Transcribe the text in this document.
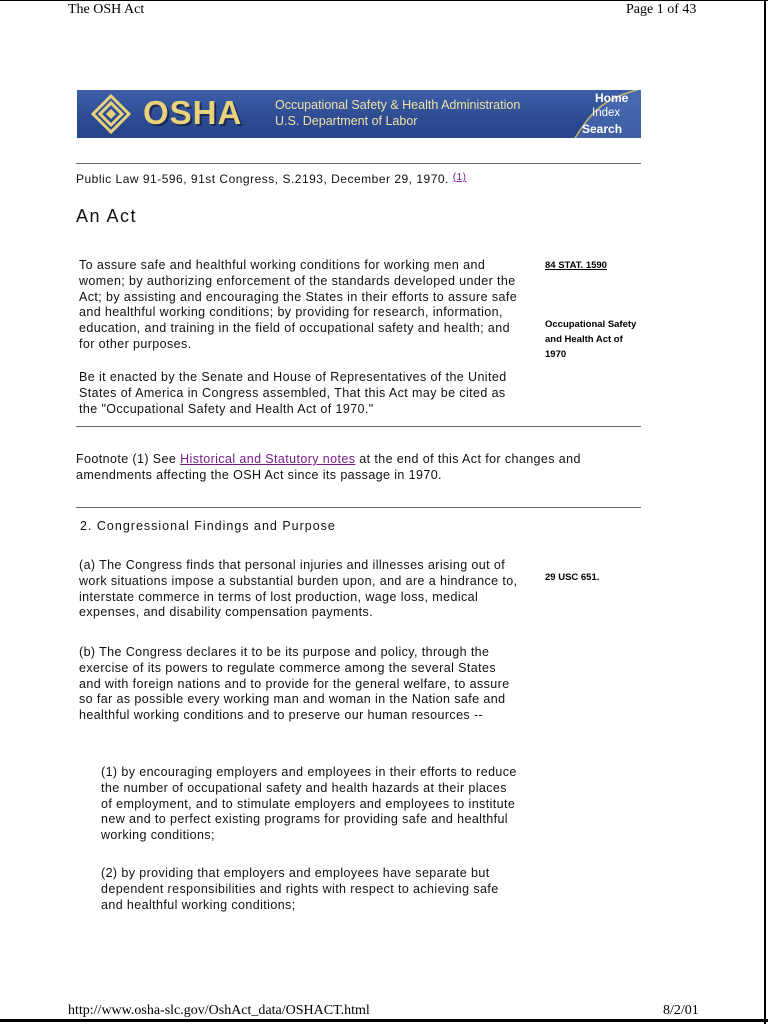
The OSH Act	Page 1 of 43
OSHA	Occupational Safety & Health Administration
U.S. Department of Labor
Home
Index
Search
Public Law 91-596, 91st Congress, S.2193, December 29, 1970. $^{(1)}$
An Act
To assure safe and healthful working conditions for working men and women; by authorizing enforcement of the standards developed under the Act; by assisting and encouraging the States in their efforts to assure safe and healthful working conditions; by providing for research, information, education, and training in the field of occupational safety and health; and for other purposes.
84 STAT. 1590
Occupational Safety and Health Act of 1970
Be it enacted by the Senate and House of Representatives of the United States of America in Congress assembled, That this Act may be cited as the "Occupational Safety and Health Act of 1970."
Footnote (1) See Historical and Statutory notes at the end of this Act for changes and amendments affecting the OSH Act since its passage in 1970.
2. Congressional Findings and Purpose
(a) The Congress finds that personal injuries and illnesses arising out of work situations impose a substantial burden upon, and are a hindrance to, interstate commerce in terms of lost production, wage loss, medical expenses, and disability compensation payments.
29 USC 651.
(b) The Congress declares it to be its purpose and policy, through the exercise of its powers to regulate commerce among the several States and with foreign nations and to provide for the general welfare, to assure so far as possible every working man and woman in the Nation safe and healthful working conditions and to preserve our human resources --
(1) by encouraging employers and employees in their efforts to reduce the number of occupational safety and health hazards at their places of employment, and to stimulate employers and employees to institute new and to perfect existing programs for providing safe and healthful working conditions;
(2) by providing that employers and employees have separate but dependent responsibilities and rights with respect to achieving safe and healthful working conditions;
http://www.osha-slc.gov/OshAct_data/OSHACT.html	8/2/01
